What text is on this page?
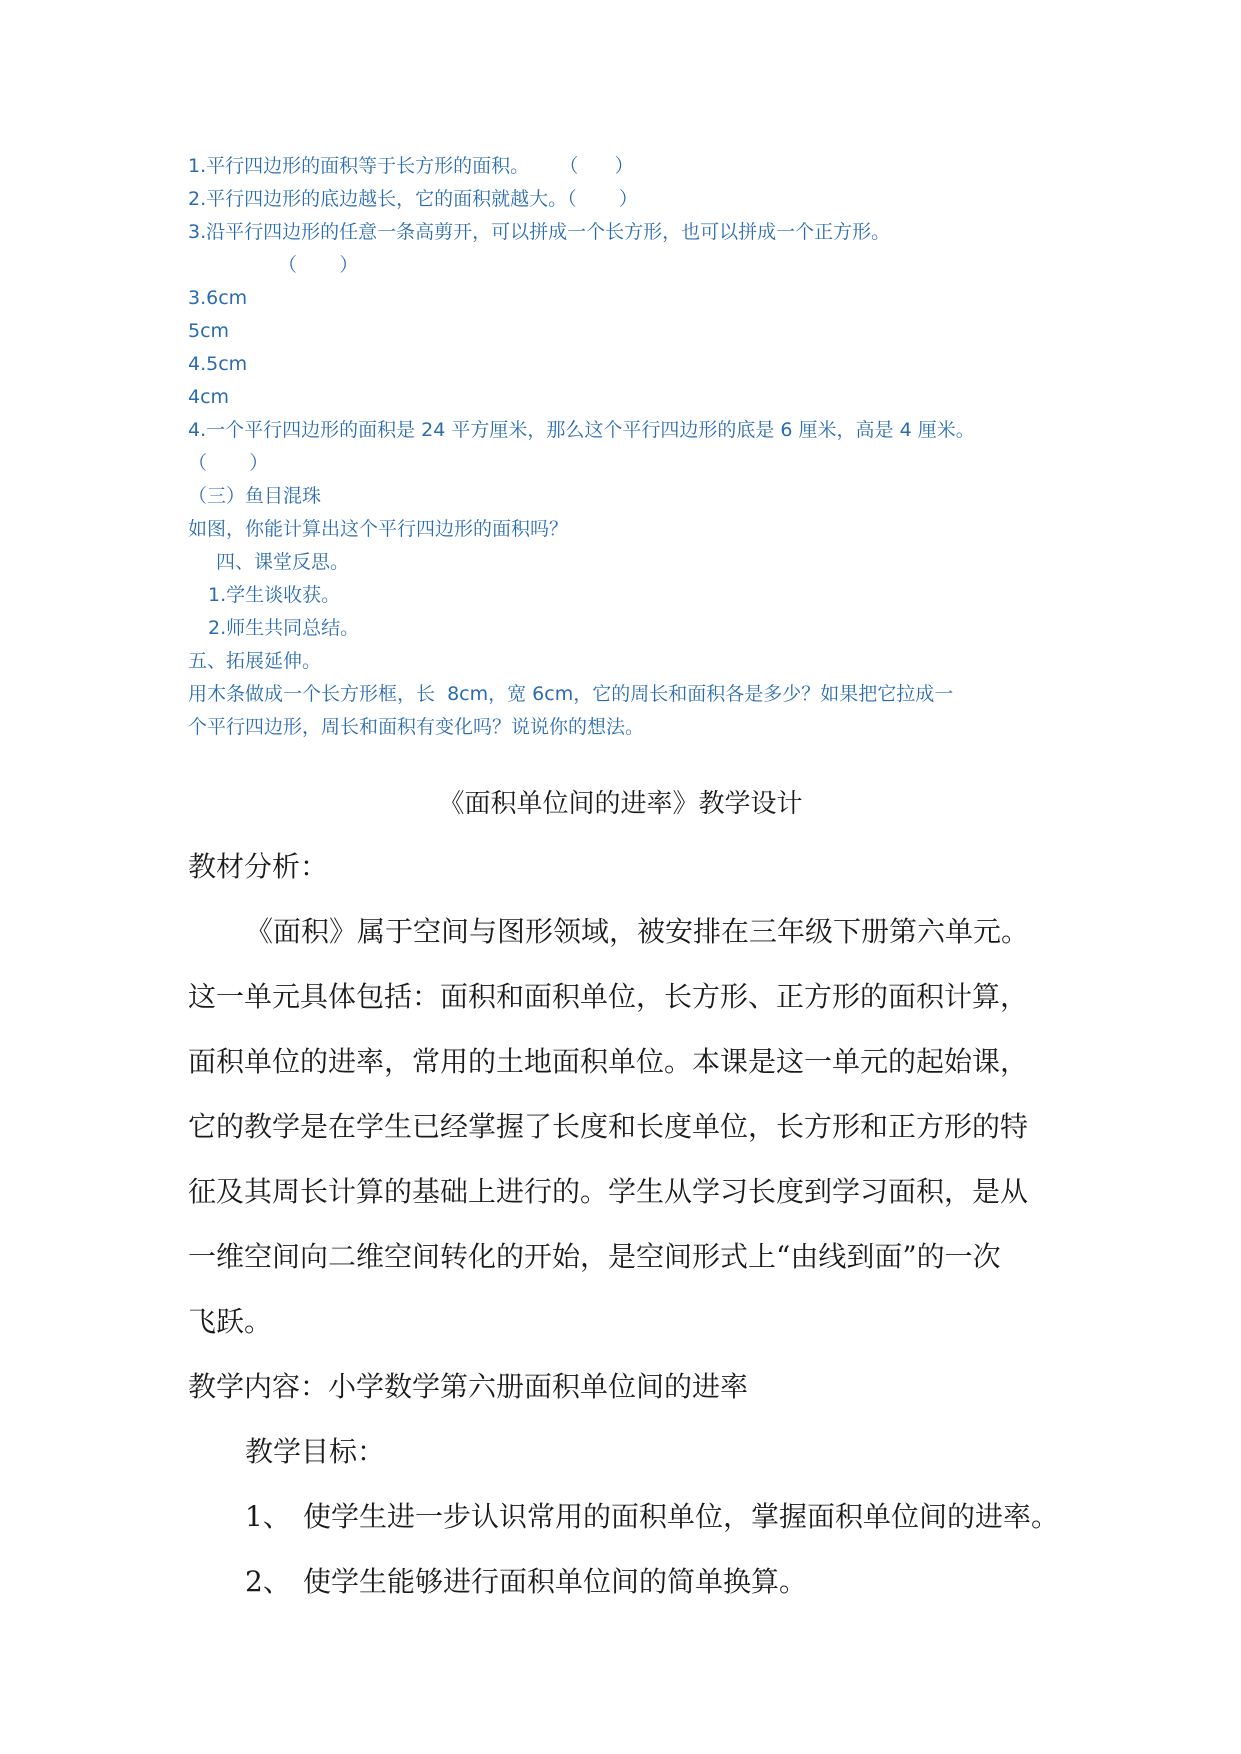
1.平行四边形的面积等于长方形的面积。     （      ）
2.平行四边形的底边越长，它的面积就越大。（       ）
3.沿平行四边形的任意一条高剪开，可以拼成一个长方形，也可以拼成一个正方形。
（       ）
3.6cm
5cm
4.5cm
4cm
4.一个平行四边形的面积是 24 平方厘米，那么这个平行四边形的底是 6 厘米，高是 4 厘米。
（       ）
（三）鱼目混珠
如图，你能计算出这个平行四边形的面积吗？
四、课堂反思。
1.学生谈收获。
2.师生共同总结。
五、拓展延伸。
用木条做成一个长方形框，长  8cm，宽 6cm，它的周长和面积各是多少？如果把它拉成一
个平行四边形，周长和面积有变化吗？说说你的想法。
《面积单位间的进率》教学设计
教材分析：
《面积》属于空间与图形领域，被安排在三年级下册第六单元。
这一单元具体包括：面积和面积单位，长方形、正方形的面积计算，
面积单位的进率，常用的土地面积单位。本课是这一单元的起始课，
它的教学是在学生已经掌握了长度和长度单位，长方形和正方形的特
征及其周长计算的基础上进行的。学生从学习长度到学习面积，是从
一维空间向二维空间转化的开始，是空间形式上“由线到面”的一次
飞跃。
教学内容：小学数学第六册面积单位间的进率
教学目标：
1、 使学生进一步认识常用的面积单位，掌握面积单位间的进率。
2、 使学生能够进行面积单位间的简单换算。
